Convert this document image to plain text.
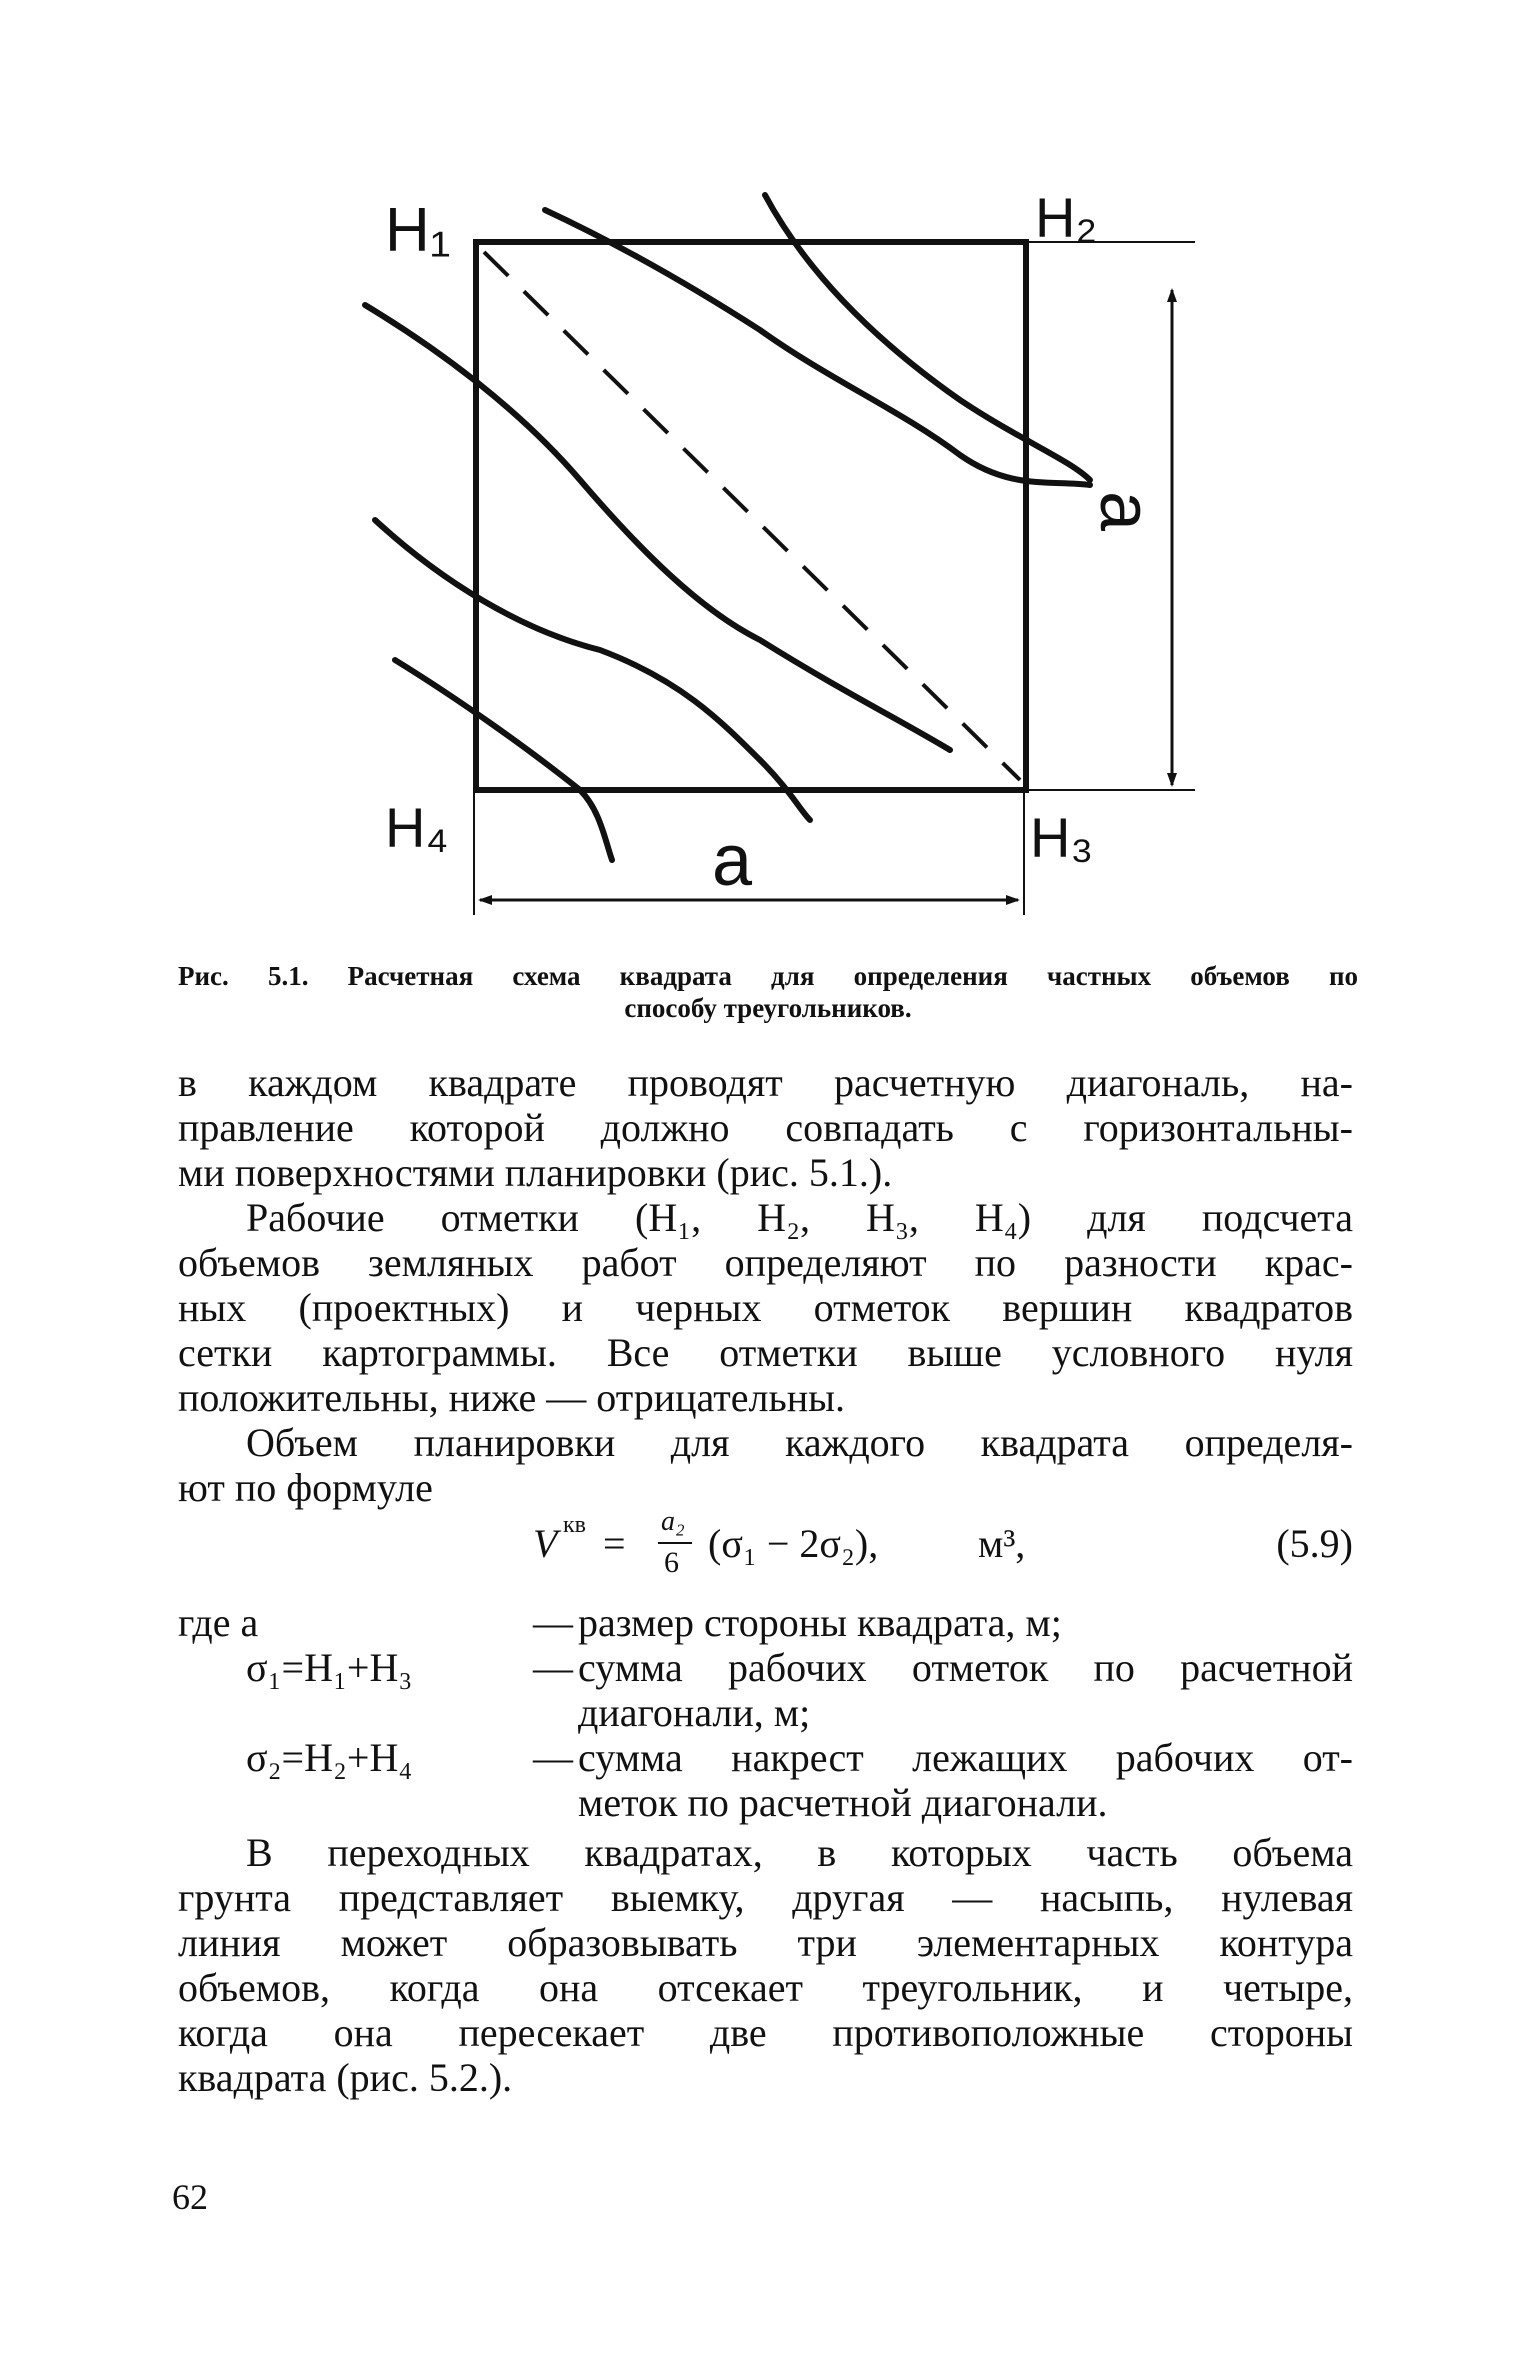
H₁	H₂
H₃
H₄	a
a
Рис. 5.1. Расчетная схема квадрата для определения частных объемов по
способу треугольников.
в каждом квадрате проводят расчетную диагональ, на-
правление которой должно совпадать с горизонтальны-
ми поверхностями планировки (рис. 5.1.).
Рабочие отметки (H₁, H₂, H₃, H₄) для подсчета
объемов земляных работ определяют по разности крас-
ных (проектных) и черных отметок вершин квадратов
сетки картограммы. Все отметки выше условного нуля
положительны, ниже — отрицательны.
Объем планировки для каждого квадрата определя-
ют по формуле
V кв = a₂
6 (σ₁ − 2σ₂), м³,	(5.9)
где a	— размер стороны квадрата, м;
σ₁=H₁+H₃	— сумма рабочих отметок по расчетной
диагонали, м;
σ₂=H₂+H₄	— сумма накрест лежащих рабочих от-
меток по расчетной диагонали.
В переходных квадратах, в которых часть объема
грунта представляет выемку, другая — насыпь, нулевая
линия может образовывать три элементарных контура
объемов, когда она отсекает треугольник, и четыре,
когда она пересекает две противоположные стороны
квадрата (рис. 5.2.).
62
